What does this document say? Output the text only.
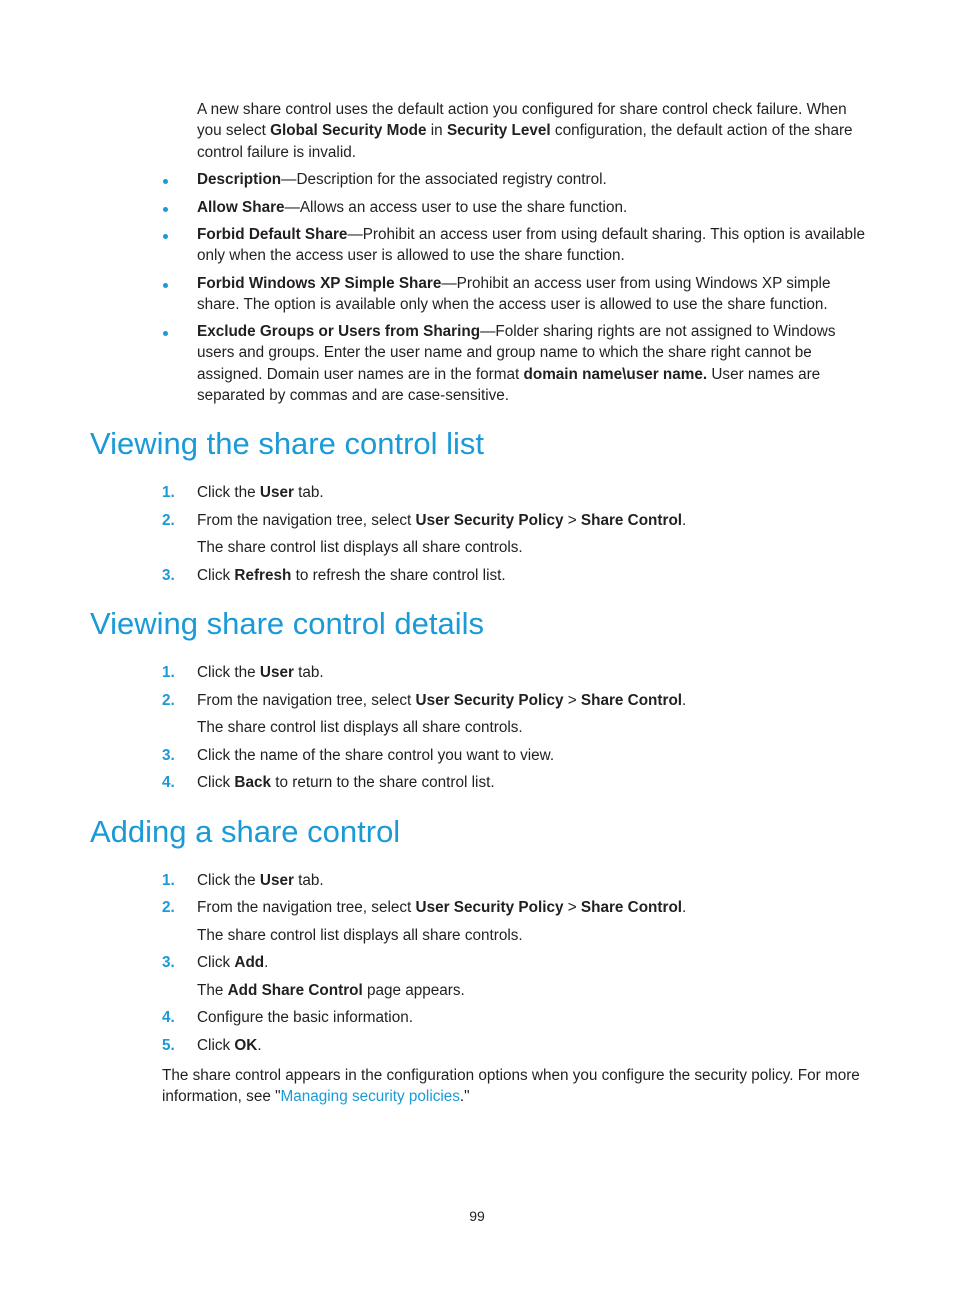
A new share control uses the default action you configured for share control check failure. When you select Global Security Mode in Security Level configuration, the default action of the share control failure is invalid.

Description—Description for the associated registry control.

Allow Share—Allows an access user to use the share function.

Forbid Default Share—Prohibit an access user from using default sharing. This option is available only when the access user is allowed to use the share function.

Forbid Windows XP Simple Share—Prohibit an access user from using Windows XP simple share. The option is available only when the access user is allowed to use the share function.

Exclude Groups or Users from Sharing—Folder sharing rights are not assigned to Windows users and groups. Enter the user name and group name to which the share right cannot be assigned. Domain user names are in the format domain name\user name. User names are separated by commas and are case-sensitive.

Viewing the share control list
1. Click the User tab.

2. From the navigation tree, select User Security Policy > Share Control.

The share control list displays all share controls.

3. Click Refresh to refresh the share control list.

Viewing share control details
1. Click the User tab.

2. From the navigation tree, select User Security Policy > Share Control.

The share control list displays all share controls.

3. Click the name of the share control you want to view.

4. Click Back to return to the share control list.

Adding a share control
1. Click the User tab.

2. From the navigation tree, select User Security Policy > Share Control.

The share control list displays all share controls.

3. Click Add.

The Add Share Control page appears.

4. Configure the basic information.

5. Click OK.

The share control appears in the configuration options when you configure the security policy. For more information, see "Managing security policies."

99
